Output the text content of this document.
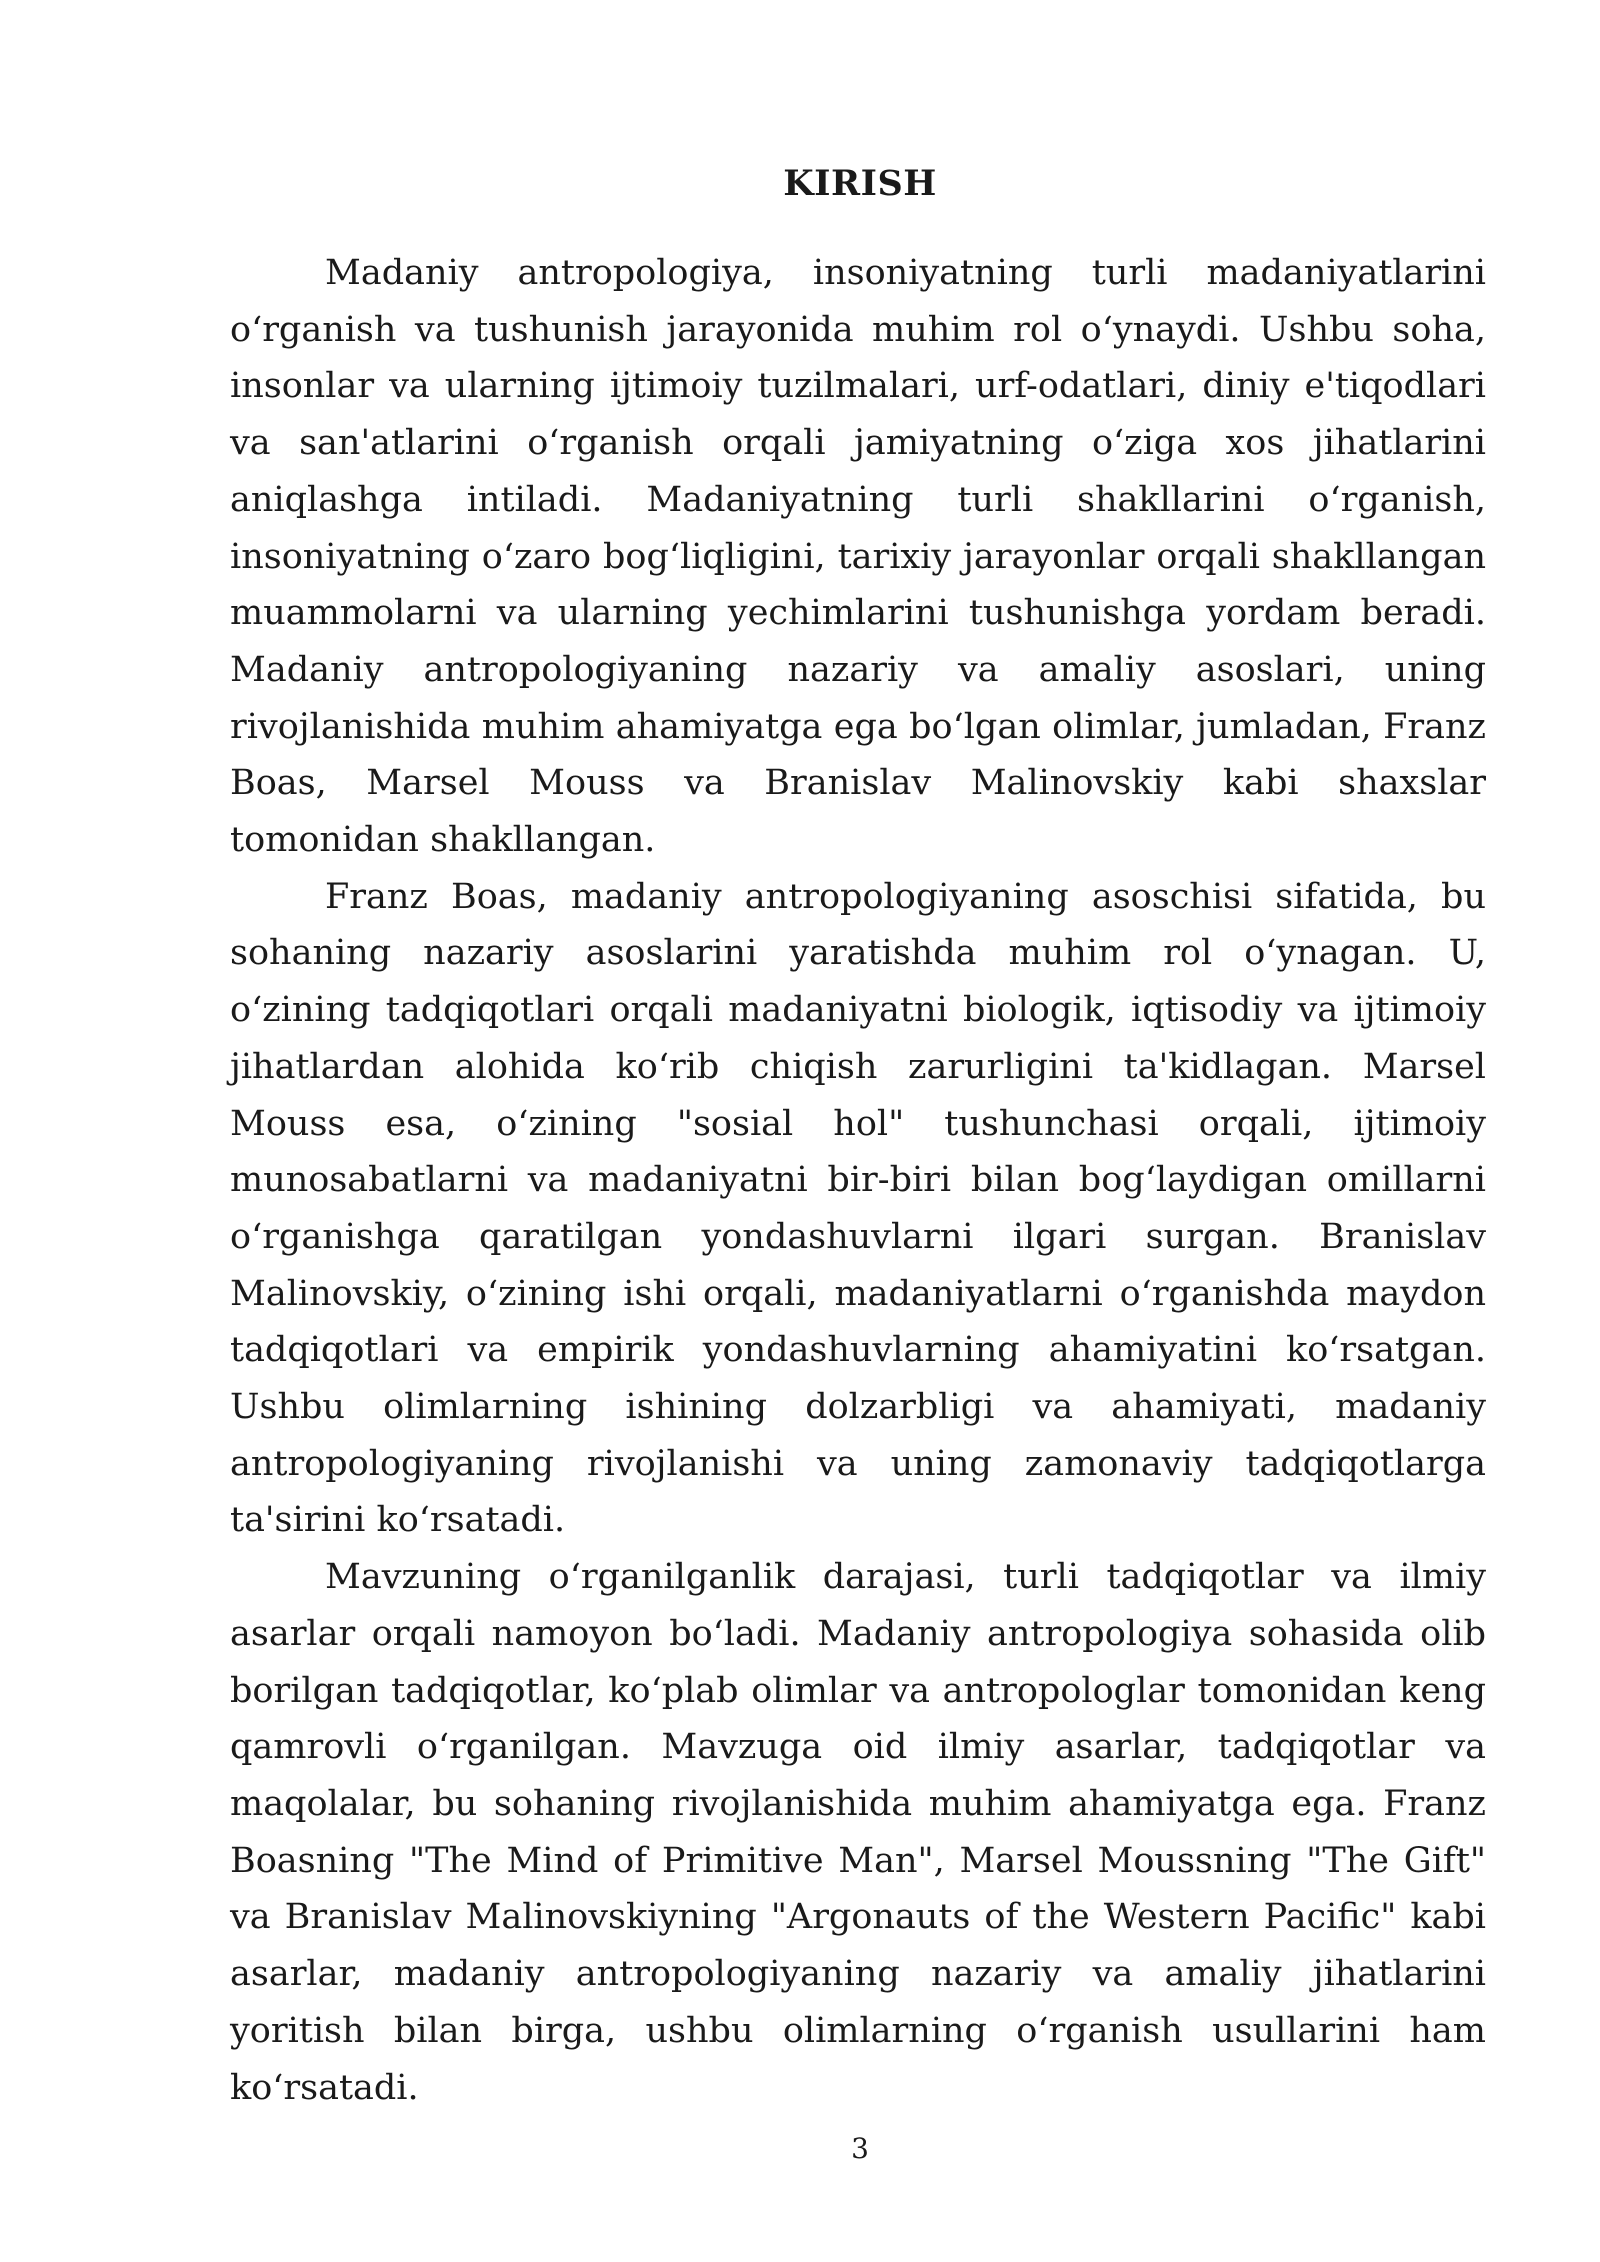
KIRISH

Madaniy antropologiya, insoniyatning turli madaniyatlarini oʻrganish va tushunish jarayonida muhim rol oʻynaydi. Ushbu soha, insonlar va ularning ijtimoiy tuzilmalari, urf-odatlari, diniy e'tiqodlari va san'atlarini oʻrganish orqali jamiyatning oʻziga xos jihatlarini aniqlashga intiladi. Madaniyatning turli shakllarini oʻrganish, insoniyatning oʻzaro bogʻliqligini, tarixiy jarayonlar orqali shakllangan muammolarni va ularning yechimlarini tushunishga yordam beradi. Madaniy antropologiyaning nazariy va amaliy asoslari, uning rivojlanishida muhim ahamiyatga ega boʻlgan olimlar, jumladan, Franz Boas, Marsel Mouss va Branislav Malinovskiy kabi shaxslar tomonidan shakllangan.

Franz Boas, madaniy antropologiyaning asoschisi sifatida, bu sohaning nazariy asoslarini yaratishda muhim rol oʻynagan. U, oʻzining tadqiqotlari orqali madaniyatni biologik, iqtisodiy va ijtimoiy jihatlardan alohida koʻrib chiqish zarurligini ta'kidlagan. Marsel Mouss esa, oʻzining "sosial hol" tushunchasi orqali, ijtimoiy munosabatlarni va madaniyatni bir-biri bilan bogʻlaydigan omillarni oʻrganishga qaratilgan yondashuvlarni ilgari surgan. Branislav Malinovskiy, oʻzining ishi orqali, madaniyatlarni oʻrganishda maydon tadqiqotlari va empirik yondashuvlarning ahamiyatini koʻrsatgan. Ushbu olimlarning ishining dolzarbligi va ahamiyati, madaniy antropologiyaning rivojlanishi va uning zamonaviy tadqiqotlarga ta'sirini koʻrsatadi.

Mavzuning oʻrganilganlik darajasi, turli tadqiqotlar va ilmiy asarlar orqali namoyon boʻladi. Madaniy antropologiya sohasida olib borilgan tadqiqotlar, koʻplab olimlar va antropologlar tomonidan keng qamrovli oʻrganilgan. Mavzuga oid ilmiy asarlar, tadqiqotlar va maqolalar, bu sohaning rivojlanishida muhim ahamiyatga ega. Franz Boasning "The Mind of Primitive Man", Marsel Moussning "The Gift" va Branislav Malinovskiyning "Argonauts of the Western Pacific" kabi asarlar, madaniy antropologiyaning nazariy va amaliy jihatlarini yoritish bilan birga, ushbu olimlarning oʻrganish usullarini ham koʻrsatadi.

3
